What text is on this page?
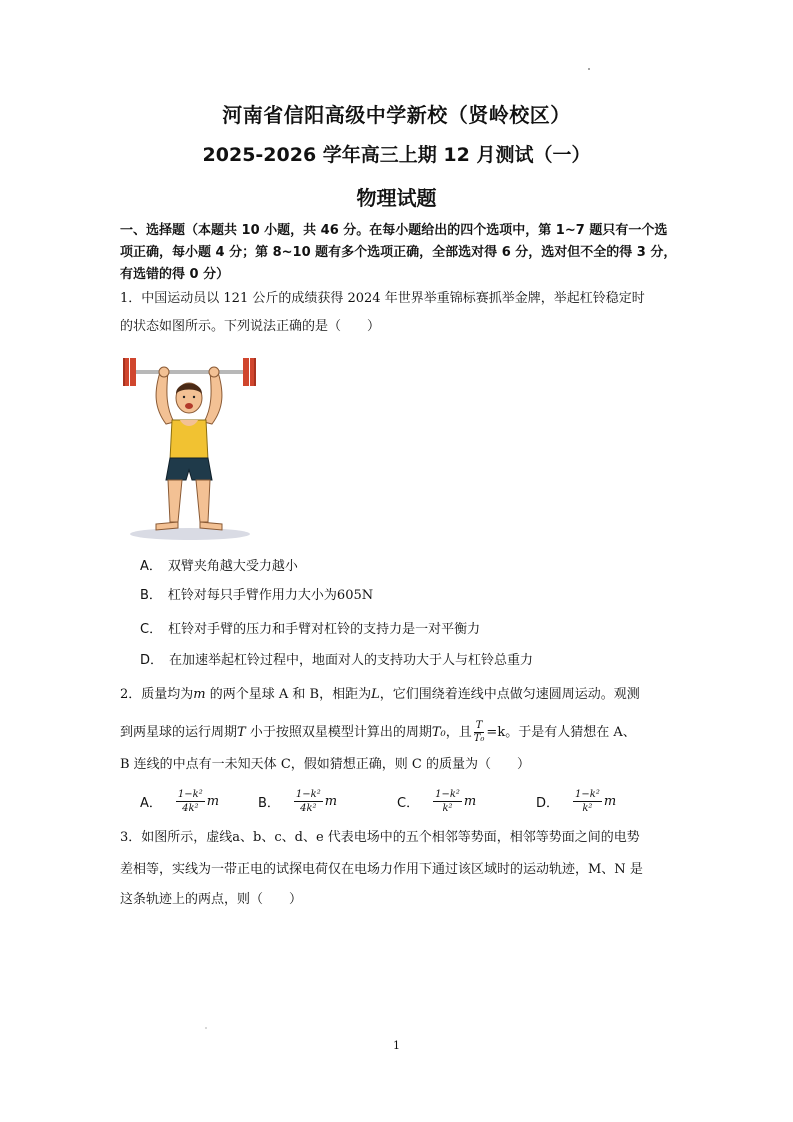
河南省信阳高级中学新校（贤岭校区）
2025-2026 学年高三上期 12 月测试（一）
物理试题
一、选择题（本题共 10 小题，共 46 分。在每小题给出的四个选项中，第 1~7 题只有一个选项正确，每小题 4 分；第 8~10 题有多个选项正确，全部选对得 6 分，选对但不全的得 3 分，有选错的得 0 分）
1．中国运动员以 121 公斤的成绩获得 2024 年世界举重锦标赛抓举金牌，举起杠铃稳定时
的状态如图所示。下列说法正确的是（　　）
A． 双臂夹角越大受力越小
B． 杠铃对每只手臂作用力大小为605N
C． 杠铃对手臂的压力和手臂对杠铃的支持力是一对平衡力
D． 在加速举起杠铃过程中，地面对人的支持功大于人与杠铃总重力
2．质量均为m 的两个星球 A 和 B，相距为L，它们围绕着连线中点做匀速圆周运动。观测
到两星球的运行周期T 小于按照双星模型计算出的周期T₀，且 $\frac{T}{\text{T₀}} =k$。于是有人猜想在 A、
B 连线的中点有一未知天体 C，假如猜想正确，则 C 的质量为（　　）
A． $\frac{\text{1−k²}}{\text{4k²}}$ m	B． $\frac{\text{1−k²}}{\text{4k²}}$ m	C． $\frac{\text{1−k²}}{\text{k²}}$ m	D． $\frac{\text{1−k²}}{\text{k²}}$ m
3．如图所示，虚线a、b、c、d、e 代表电场中的五个相邻等势面，相邻等势面之间的电势
差相等，实线为一带正电的试探电荷仅在电场力作用下通过该区域时的运动轨迹，M、N 是
这条轨迹上的两点，则（　　）
1
